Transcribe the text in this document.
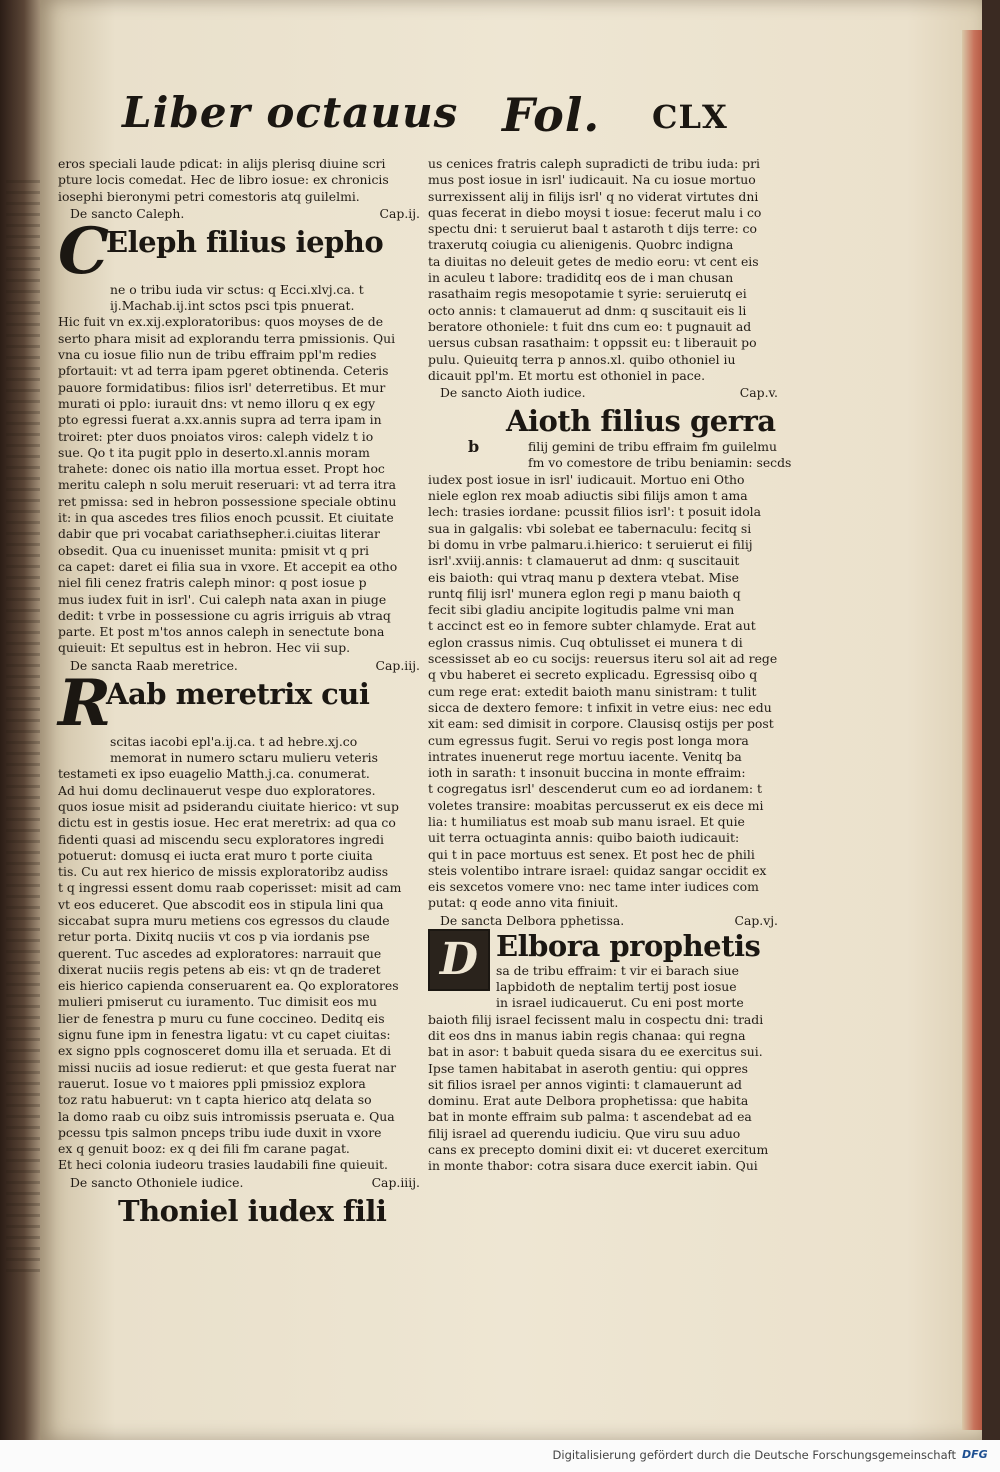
Liber octauus Fol. CLX
eros speciali laude pdicat: in alijs plerisq diuine scri
pture locis comedat. Hec de libro iosue: ex chronicis
iosephi bieronymi petri comestoris atq guilelmi.
De sancto Caleph.	Cap.ij.
C
Eleph filius iepho
ne o tribu iuda vir sctus: q Ecci.xlvj.ca. t
ij.Machab.ij.int sctos psci tpis pnuerat.
Hic fuit vn ex.xij.exploratoribus: quos moyses de de
serto phara misit ad explorandu terra pmissionis. Qui
vna cu iosue filio nun de tribu effraim ppl'm redies
pfortauit: vt ad terra ipam pgeret obtinenda. Ceteris
pauore formidatibus: filios isrl' deterretibus. Et mur
murati oi pplo: iurauit dns: vt nemo illoru q ex egy
pto egressi fuerat a.xx.annis supra ad terra ipam in
troiret: pter duos pnoiatos viros: caleph videlz t io
sue. Qo t ita pugit pplo in deserto.xl.annis moram
trahete: donec ois natio illa mortua esset. Propt hoc
meritu caleph n solu meruit reseruari: vt ad terra itra
ret pmissa: sed in hebron possessione speciale obtinu
it: in qua ascedes tres filios enoch pcussit. Et ciuitate
dabir que pri vocabat cariathsepher.i.ciuitas literar
obsedit. Qua cu inuenisset munita: pmisit vt q pri
ca capet: daret ei filia sua in vxore. Et accepit ea otho
niel fili cenez fratris caleph minor: q post iosue p
mus iudex fuit in isrl'. Cui caleph nata axan in piuge
dedit: t vrbe in possessione cu agris irriguis ab vtraq
parte. Et post m'tos annos caleph in senectute bona
quieuit: Et sepultus est in hebron. Hec vii sup.
De sancta Raab meretrice.	Cap.iij.
R
Aab meretrix cui
scitas iacobi epl'a.ij.ca. t ad hebre.xj.co
memorat in numero sctaru mulieru veteris
testameti ex ipso euagelio Matth.j.ca. conumerat.
Ad hui domu declinauerut vespe duo exploratores.
quos iosue misit ad psiderandu ciuitate hierico: vt sup
dictu est in gestis iosue. Hec erat meretrix: ad qua co
fidenti quasi ad miscendu secu exploratores ingredi
potuerut: domusq ei iucta erat muro t porte ciuita
tis. Cu aut rex hierico de missis exploratoribz audiss
t q ingressi essent domu raab coperisset: misit ad cam
vt eos educeret. Que abscodit eos in stipula lini qua
siccabat supra muru metiens cos egressos du claude
retur porta. Dixitq nuciis vt cos p via iordanis pse
querent. Tuc ascedes ad exploratores: narrauit que
dixerat nuciis regis petens ab eis: vt qn de traderet
eis hierico capienda conseruarent ea. Qo exploratores
mulieri pmiserut cu iuramento. Tuc dimisit eos mu
lier de fenestra p muru cu fune coccineo. Deditq eis
signu fune ipm in fenestra ligatu: vt cu capet ciuitas:
ex signo ppls cognosceret domu illa et seruada. Et di
missi nuciis ad iosue redierut: et que gesta fuerat nar
rauerut. Iosue vo t maiores ppli pmissioz explora
toz ratu habuerut: vn t capta hierico atq delata so
la domo raab cu oibz suis intromissis pseruata e. Qua
pcessu tpis salmon pnceps tribu iude duxit in vxore
ex q genuit booz: ex q dei fili fm carane pagat.
Et heci colonia iudeoru trasies laudabili fine quieuit.
De sancto Othoniele iudice.	Cap.iiij.
Thoniel iudex fili
us cenices fratris caleph supradicti de tribu iuda: pri
mus post iosue in isrl' iudicauit. Na cu iosue mortuo
surrexissent alij in filijs isrl' q no viderat virtutes dni
quas fecerat in diebo moysi t iosue: fecerut malu i co
spectu dni: t seruierut baal t astaroth t dijs terre: co
traxerutq coiugia cu alienigenis. Quobrc indigna
ta diuitas no deleuit getes de medio eoru: vt cent eis
in aculeu t labore: tradiditq eos de i man chusan
rasathaim regis mesopotamie t syrie: seruierutq ei
octo annis: t clamauerut ad dnm: q suscitauit eis li
beratore othoniele: t fuit dns cum eo: t pugnauit ad
uersus cubsan rasathaim: t oppssit eu: t liberauit po
pulu. Quieuitq terra p annos.xl. quibo othoniel iu
dicauit ppl'm. Et mortu est othoniel in pace.
De sancto Aioth iudice.	Cap.v.
Aioth filius gerra
b	filij gemini de tribu effraim fm guilelmu
fm vo comestore de tribu beniamin: secds
iudex post iosue in isrl' iudicauit. Mortuo eni Otho
niele eglon rex moab adiuctis sibi filijs amon t ama
lech: trasies iordane: pcussit filios isrl': t posuit idola
sua in galgalis: vbi solebat ee tabernaculu: fecitq si
bi domu in vrbe palmaru.i.hierico: t seruierut ei filij
isrl'.xviij.annis: t clamauerut ad dnm: q suscitauit
eis baioth: qui vtraq manu p dextera vtebat. Mise
runtq filij isrl' munera eglon regi p manu baioth q
fecit sibi gladiu ancipite logitudis palme vni man
t accinct est eo in femore subter chlamyde. Erat aut
eglon crassus nimis. Cuq obtulisset ei munera t di
scessisset ab eo cu socijs: reuersus iteru sol ait ad rege
q vbu haberet ei secreto explicadu. Egressisq oibo q
cum rege erat: extedit baioth manu sinistram: t tulit
sicca de dextero femore: t infixit in vetre eius: nec edu
xit eam: sed dimisit in corpore. Clausisq ostijs per post
cum egressus fugit. Serui vo regis post longa mora
intrates inuenerut rege mortuu iacente. Venitq ba
ioth in sarath: t insonuit buccina in monte effraim:
t cogregatus isrl' descenderut cum eo ad iordanem: t
voletes transire: moabitas percusserut ex eis dece mi
lia: t humiliatus est moab sub manu israel. Et quie
uit terra octuaginta annis: quibo baioth iudicauit:
qui t in pace mortuus est senex. Et post hec de phili
steis volentibo intrare israel: quidaz sangar occidit ex
eis sexcetos vomere vno: nec tame inter iudices com
putat: q eode anno vita finiuit.
De sancta Delbora pphetissa.	Cap.vj.
D Elbora prophetis
sa de tribu effraim: t vir ei barach siue
lapbidoth de neptalim tertij post iosue
in israel iudicauerut. Cu eni post morte
baioth filij israel fecissent malu in cospectu dni: tradi
dit eos dns in manus iabin regis chanaa: qui regna
bat in asor: t babuit queda sisara du ee exercitus sui.
Ipse tamen habitabat in aseroth gentiu: qui oppres
sit filios israel per annos viginti: t clamauerunt ad
dominu. Erat aute Delbora prophetissa: que habita
bat in monte effraim sub palma: t ascendebat ad ea
filij israel ad querendu iudiciu. Que viru suu aduo
cans ex precepto domini dixit ei: vt duceret exercitum
in monte thabor: cotra sisara duce exercit iabin. Qui
Digitalisierung gefördert durch die Deutsche Forschungsgemeinschaft DFG
